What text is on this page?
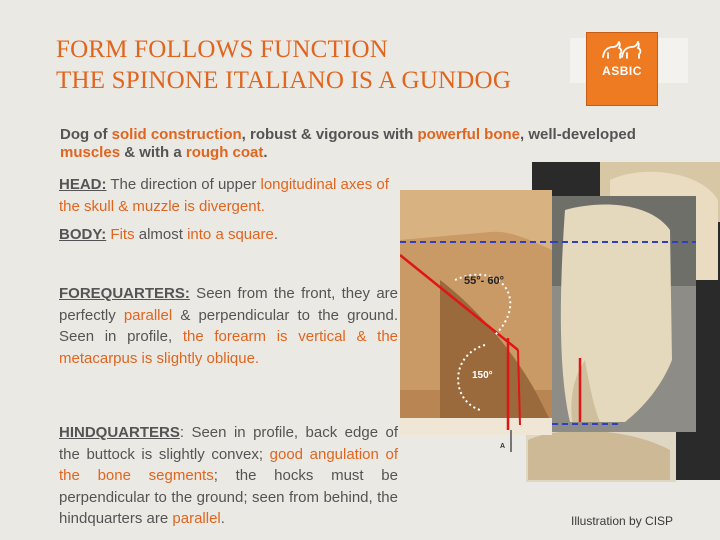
FORM FOLLOWS FUNCTION
THE SPINONE ITALIANO IS A GUNDOG	ASBIC
Dog of solid construction, robust & vigorous with powerful bone, well-developed muscles & with a rough coat.
HEAD: The direction of upper longitudinal axes of the skull & muzzle is divergent.
BODY: Fits almost into a square.
FOREQUARTERS: Seen from the front, they are perfectly parallel & perpendicular to the ground. Seen in profile, the forearm is vertical & the metacarpus is slightly oblique.
HINDQUARTERS: Seen in profile, back edge of the buttock is slightly convex; good angulation of the bone segments; the hocks must be perpendicular to the ground; seen from behind, the hindquarters are parallel.
A
55°- 60°
150°
Illustration by CISP
